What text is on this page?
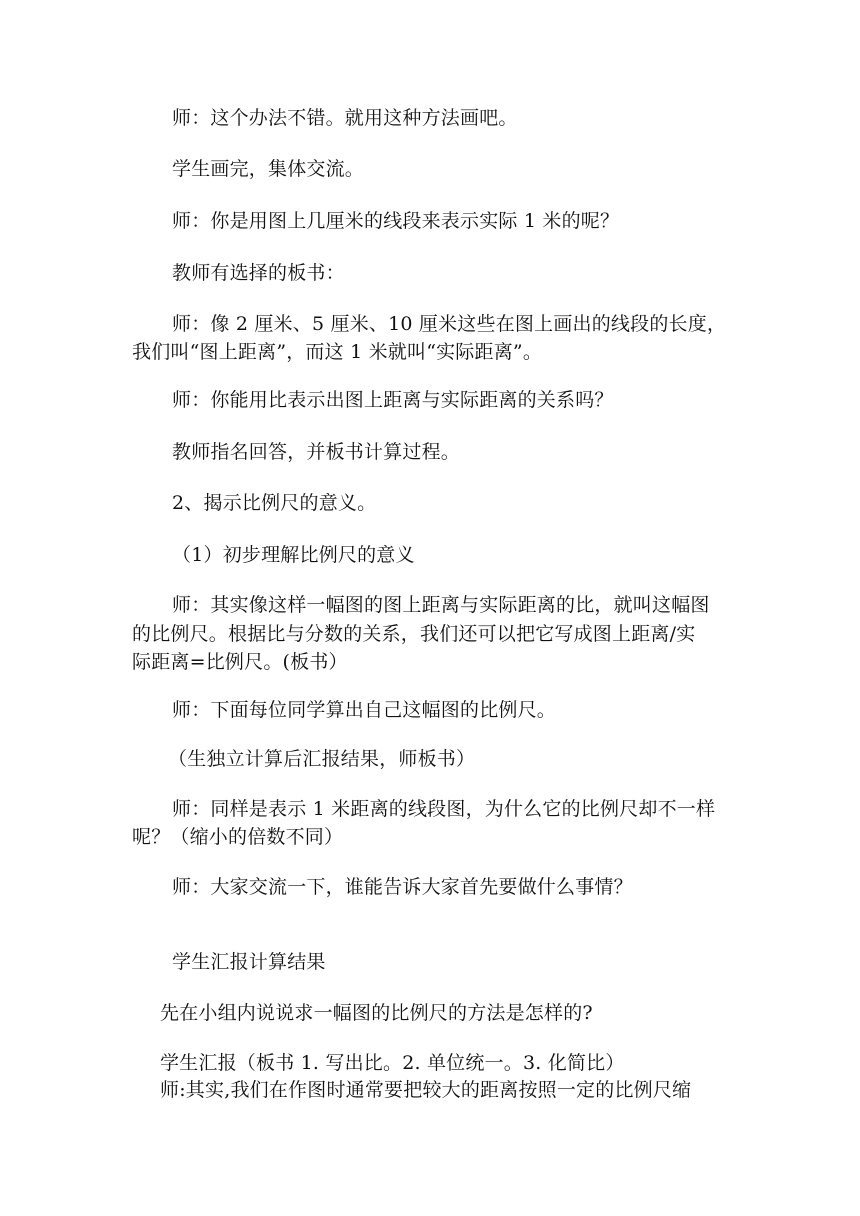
师：这个办法不错。就用这种方法画吧。
学生画完，集体交流。
师：你是用图上几厘米的线段来表示实际 1 米的呢？
教师有选择的板书：
师：像 2 厘米、5 厘米、10 厘米这些在图上画出的线段的长度，
我们叫“图上距离”，而这 1 米就叫“实际距离”。
师：你能用比表示出图上距离与实际距离的关系吗？
教师指名回答，并板书计算过程。
2、揭示比例尺的意义。
（1）初步理解比例尺的意义
师：其实像这样一幅图的图上距离与实际距离的比，就叫这幅图
的比例尺。根据比与分数的关系，我们还可以把它写成图上距离/实
际距离=比例尺。(板书）
师：下面每位同学算出自己这幅图的比例尺。
（生独立计算后汇报结果，师板书）
师：同样是表示 1 米距离的线段图，为什么它的比例尺却不一样
呢？（缩小的倍数不同）
师：大家交流一下，谁能告诉大家首先要做什么事情？
学生汇报计算结果
先在小组内说说求一幅图的比例尺的方法是怎样的?
学生汇报（板书 1. 写出比。2. 单位统一。3. 化简比）
师:其实,我们在作图时通常要把较大的距离按照一定的比例尺缩
